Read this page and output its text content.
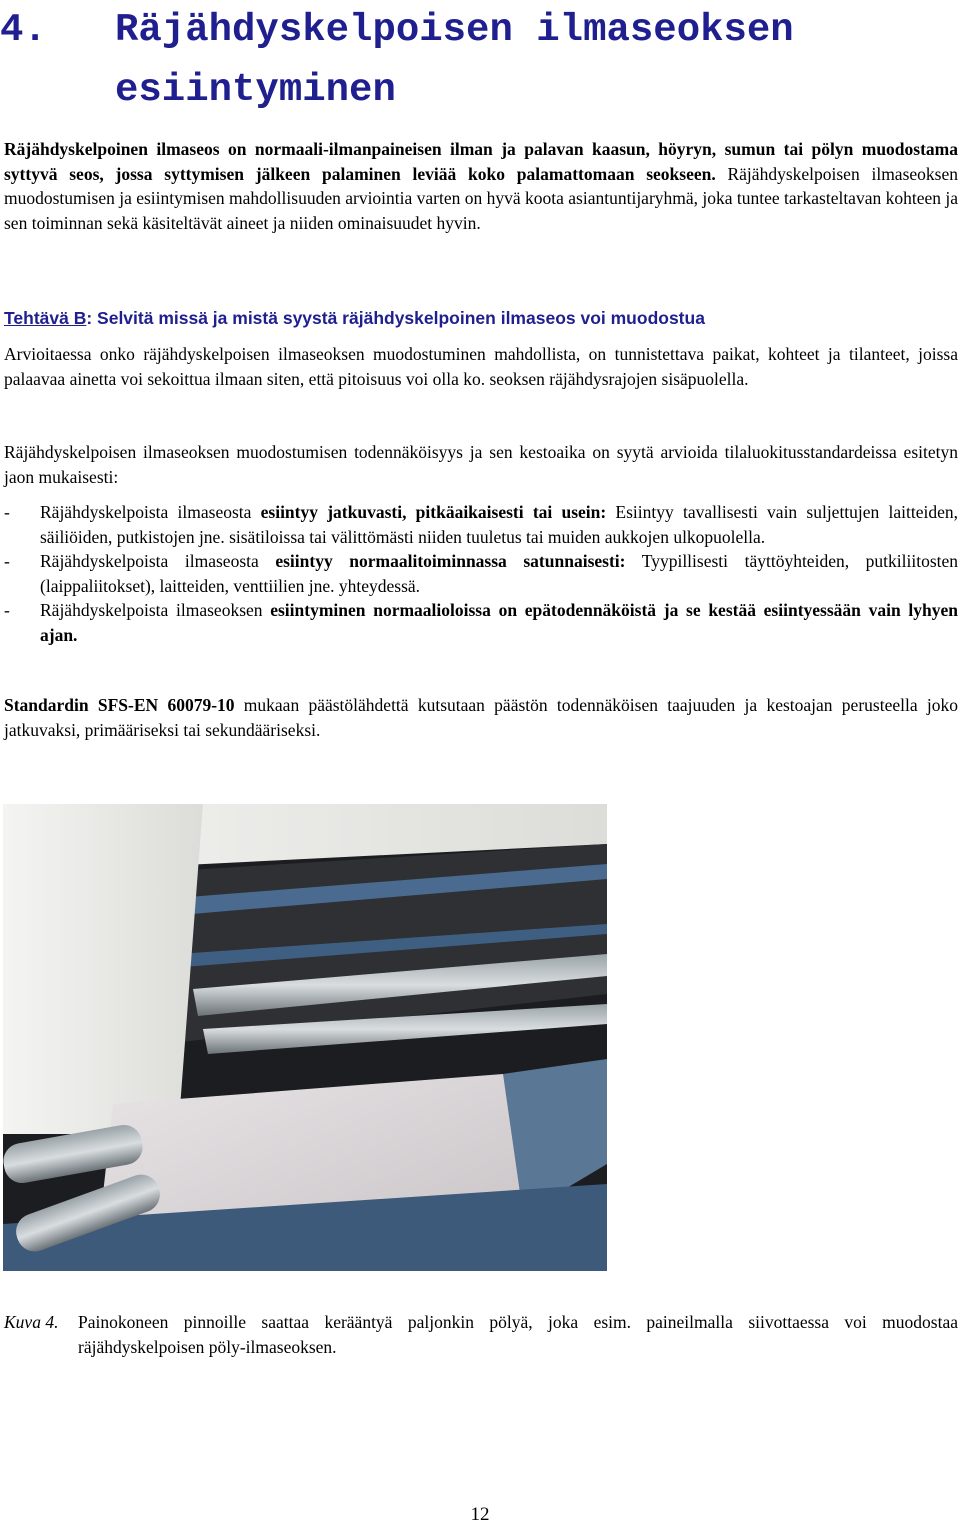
4. Räjähdyskelpoisen ilmaseoksen
esiintyminen

Räjähdyskelpoinen ilmaseos on normaali-ilmanpaineisen ilman ja palavan kaasun, höyryn, sumun tai pölyn muodostama syttyvä seos, jossa syttymisen jälkeen palaminen leviää koko palamattomaan seokseen. Räjähdyskelpoisen ilmaseoksen muodostumisen ja esiintymisen mahdollisuuden arviointia varten on hyvä koota asiantuntijaryhmä, joka tuntee tarkasteltavan kohteen ja sen toiminnan sekä käsiteltävät aineet ja niiden ominaisuudet hyvin.

Tehtävä B: Selvitä missä ja mistä syystä räjähdyskelpoinen ilmaseos voi muodostua

Arvioitaessa onko räjähdyskelpoisen ilmaseoksen muodostuminen mahdollista, on tunnistettava paikat, kohteet ja tilanteet, joissa palaavaa ainetta voi sekoittua ilmaan siten, että pitoisuus voi olla ko. seoksen räjähdysrajojen sisäpuolella.

Räjähdyskelpoisen ilmaseoksen muodostumisen todennäköisyys ja sen kestoaika on syytä arvioida tilaluokitusstandardeissa esitetyn jaon mukaisesti:

- Räjähdyskelpoista ilmaseosta esiintyy jatkuvasti, pitkäaikaisesti tai usein: Esiintyy tavallisesti vain suljettujen laitteiden, säiliöiden, putkistojen jne. sisätiloissa tai välittömästi niiden tuuletus tai muiden aukkojen ulkopuolella.
- Räjähdyskelpoista ilmaseosta esiintyy normaalitoiminnassa satunnaisesti: Tyypillisesti täyttöyhteiden, putkiliitosten (laippaliitokset), laitteiden, venttiilien jne. yhteydessä.
- Räjähdyskelpoista ilmaseoksen esiintyminen normaalioloissa on epätodennäköistä ja se kestää esiintyessään vain lyhyen ajan.

Standardin SFS-EN 60079-10 mukaan päästölähdettä kutsutaan päästön todennäköisen taajuuden ja kestoajan perusteella joko jatkuvaksi, primääriseksi tai sekundääriseksi.

Kuva 4.	Painokoneen pinnoille saattaa kerääntyä paljonkin pölyä, joka esim. paineilmalla siivottaessa voi muodostaa räjähdyskelpoisen pöly-ilmaseoksen.

12
